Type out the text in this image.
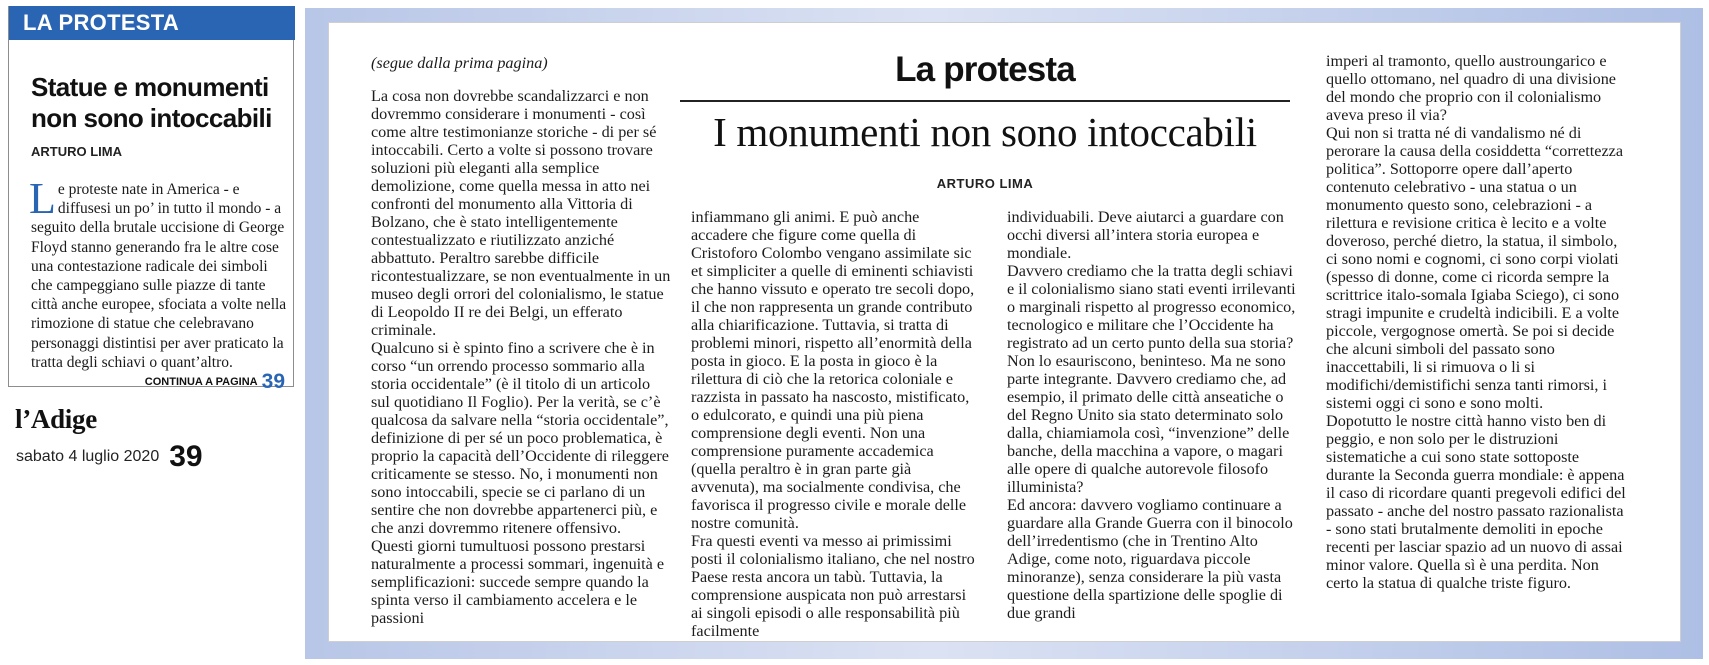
LA PROTESTA
Statue e monumenti non sono intoccabili
ARTURO LIMA
Le proteste nate in America - e diffusesi un po’ in tutto il mondo - a seguito della brutale uccisione di George Floyd stanno generando fra le altre cose una contestazione radicale dei simboli che campeggiano sulle piazze di tante città anche europee, sfociata a volte nella rimozione di statue che celebravano personaggi distintisi per aver praticato la tratta degli schiavi o quant’altro.
CONTINUA A PAGINA 39
l’Adige
sabato 4 luglio 2020 39
La protesta
I monumenti non sono intoccabili
ARTURO LIMA

(segue dalla prima pagina)

La cosa non dovrebbe scandalizzarci e non dovremmo considerare i monumenti - così come altre testimonianze storiche - di per sé intoccabili. Certo a volte si possono trovare soluzioni più eleganti alla semplice demolizione, come quella messa in atto nei confronti del monumento alla Vittoria di Bolzano, che è stato intelligentemente contestualizzato e riutilizzato anziché abbattuto. Peraltro sarebbe difficile ricontestualizzare, se non eventualmente in un museo degli orrori del colonialismo, le statue di Leopoldo II re dei Belgi, un efferato criminale.

Qualcuno si è spinto fino a scrivere che è in corso “un orrendo processo sommario alla storia occidentale” (è il titolo di un articolo sul quotidiano Il Foglio). Per la verità, se c’è qualcosa da salvare nella “storia occidentale”, definizione di per sé un poco problematica, è proprio la capacità dell’Occidente di rileggere criticamente se stesso. No, i monumenti non sono intoccabili, specie se ci parlano di un sentire che non dovrebbe appartenerci più, e che anzi dovremmo ritenere offensivo.

Questi giorni tumultuosi possono prestarsi naturalmente a processi sommari, ingenuità e semplificazioni: succede sempre quando la spinta verso il cambiamento accelera e le passioni

infiammano gli animi. E può anche accadere che figure come quella di Cristoforo Colombo vengano assimilate sic et simpliciter a quelle di eminenti schiavisti che hanno vissuto e operato tre secoli dopo, il che non rappresenta un grande contributo alla chiarificazione. Tuttavia, si tratta di problemi minori, rispetto all’enormità della posta in gioco. E la posta in gioco è la rilettura di ciò che la retorica coloniale e razzista in passato ha nascosto, mistificato, o edulcorato, e quindi una più piena comprensione degli eventi. Non una comprensione puramente accademica (quella peraltro è in gran parte già avvenuta), ma socialmente condivisa, che favorisca il progresso civile e morale delle nostre comunità.

Fra questi eventi va messo ai primissimi posti il colonialismo italiano, che nel nostro Paese resta ancora un tabù. Tuttavia, la comprensione auspicata non può arrestarsi ai singoli episodi o alle responsabilità più facilmente

individuabili. Deve aiutarci a guardare con occhi diversi all’intera storia europea e mondiale.

Davvero crediamo che la tratta degli schiavi e il colonialismo siano stati eventi irrilevanti o marginali rispetto al progresso economico, tecnologico e militare che l’Occidente ha registrato ad un certo punto della sua storia? Non lo esauriscono, beninteso. Ma ne sono parte integrante. Davvero crediamo che, ad esempio, il primato delle città anseatiche o del Regno Unito sia stato determinato solo dalla, chiamiamola così, “invenzione” delle banche, della macchina a vapore, o magari alle opere di qualche autorevole filosofo illuminista?

Ed ancora: davvero vogliamo continuare a guardare alla Grande Guerra con il binocolo dell’irredentismo (che in Trentino Alto Adige, come noto, riguardava piccole minoranze), senza considerare la più vasta questione della spartizione delle spoglie di due grandi

imperi al tramonto, quello austroungarico e quello ottomano, nel quadro di una divisione del mondo che proprio con il colonialismo aveva preso il via?

Qui non si tratta né di vandalismo né di perorare la causa della cosiddetta “correttezza politica”. Sottoporre opere dall’aperto contenuto celebrativo - una statua o un monumento questo sono, celebrazioni - a rilettura e revisione critica è lecito e a volte doveroso, perché dietro, la statua, il simbolo, ci sono nomi e cognomi, ci sono corpi violati (spesso di donne, come ci ricorda sempre la scrittrice italo-somala Igiaba Sciego), ci sono stragi impunite e crudeltà indicibili. E a volte piccole, vergognose omertà. Se poi si decide che alcuni simboli del passato sono inaccettabili, li si rimuova o li si modifichi/demistifichi senza tanti rimorsi, i sistemi oggi ci sono e sono molti.

Dopotutto le nostre città hanno visto ben di peggio, e non solo per le distruzioni sistematiche a cui sono state sottoposte durante la Seconda guerra mondiale: è appena il caso di ricordare quanti pregevoli edifici del passato - anche del nostro passato razionalista - sono stati brutalmente demoliti in epoche recenti per lasciar spazio ad un nuovo di assai minor valore. Quella sì è una perdita. Non certo la statua di qualche triste figuro.
